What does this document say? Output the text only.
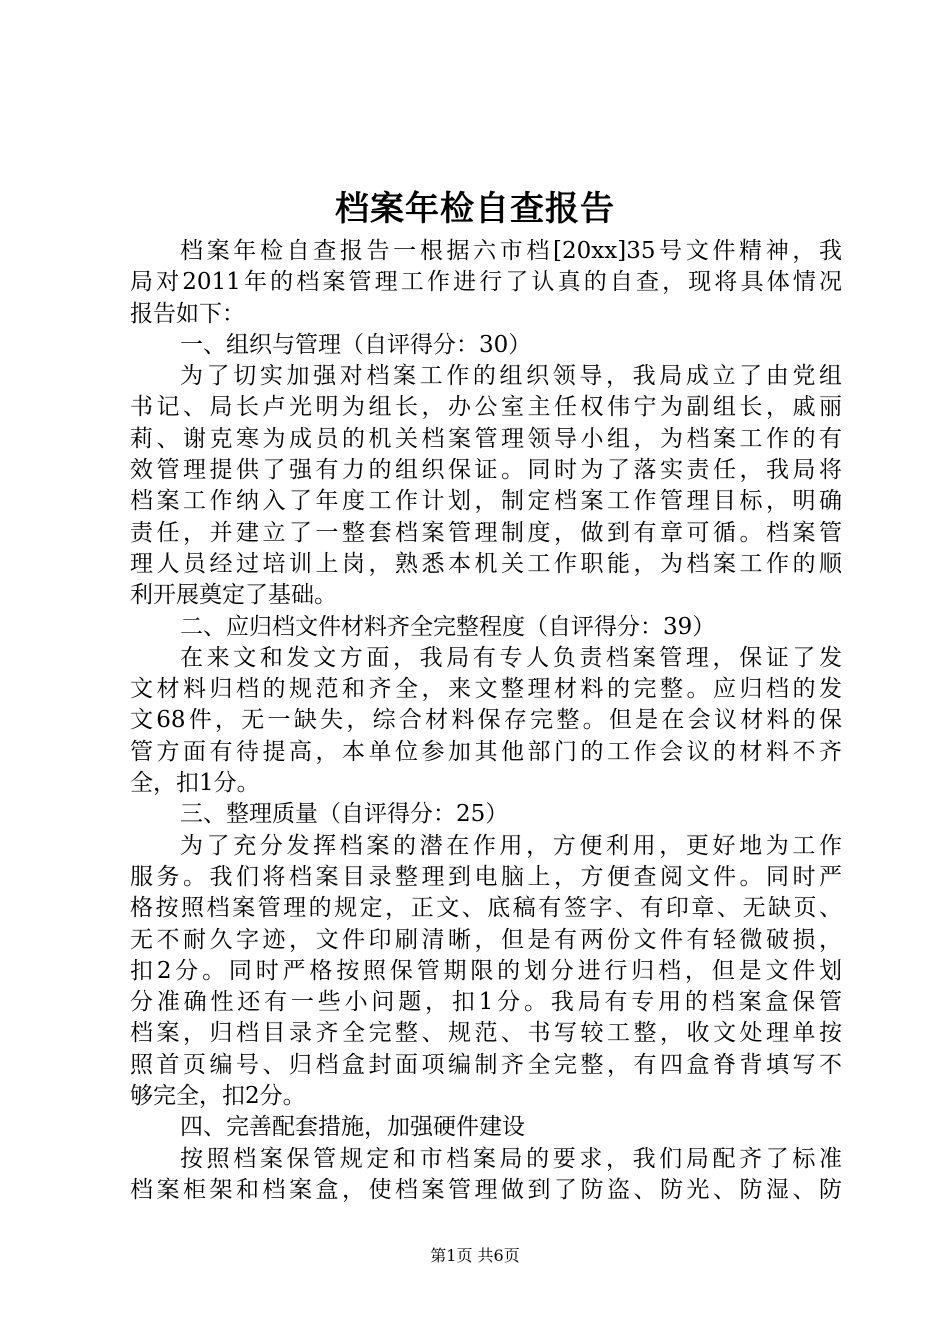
档案年检自查报告
档案年检自查报告一根据六市档[20xx]35号文件精神，我
局对2011年的档案管理工作进行了认真的自查，现将具体情况
报告如下：
一、组织与管理（自评得分：30）
为了切实加强对档案工作的组织领导，我局成立了由党组
书记、局长卢光明为组长，办公室主任权伟宁为副组长，戚丽
莉、谢克寒为成员的机关档案管理领导小组，为档案工作的有
效管理提供了强有力的组织保证。同时为了落实责任，我局将
档案工作纳入了年度工作计划，制定档案工作管理目标，明确
责任，并建立了一整套档案管理制度，做到有章可循。档案管
理人员经过培训上岗，熟悉本机关工作职能，为档案工作的顺
利开展奠定了基础。
二、应归档文件材料齐全完整程度（自评得分：39）
在来文和发文方面，我局有专人负责档案管理，保证了发
文材料归档的规范和齐全，来文整理材料的完整。应归档的发
文68件，无一缺失，综合材料保存完整。但是在会议材料的保
管方面有待提高，本单位参加其他部门的工作会议的材料不齐
全，扣1分。
三、整理质量（自评得分：25）
为了充分发挥档案的潜在作用，方便利用，更好地为工作
服务。我们将档案目录整理到电脑上，方便查阅文件。同时严
格按照档案管理的规定，正文、底稿有签字、有印章、无缺页、
无不耐久字迹，文件印刷清晰，但是有两份文件有轻微破损，
扣2分。同时严格按照保管期限的划分进行归档，但是文件划
分准确性还有一些小问题，扣1分。我局有专用的档案盒保管
档案，归档目录齐全完整、规范、书写较工整，收文处理单按
照首页编号、归档盒封面项编制齐全完整，有四盒脊背填写不
够完全，扣2分。
四、完善配套措施，加强硬件建设
按照档案保管规定和市档案局的要求，我们局配齐了标准
档案柜架和档案盒，使档案管理做到了防盗、防光、防湿、防
第1页 共6页
